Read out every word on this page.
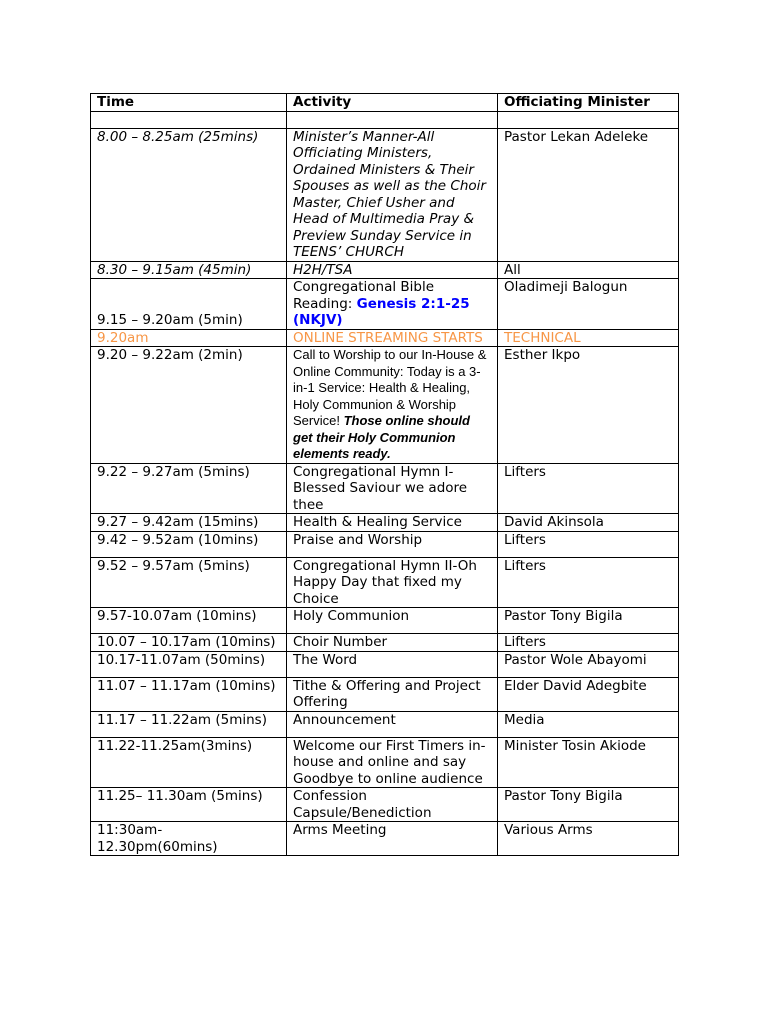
Time	Activity	Officiating Minister

8.00 – 8.25am (25mins)	Minister’s Manner-All Officiating Ministers, Ordained Ministers & Their Spouses as well as the Choir Master, Chief Usher and Head of Multimedia Pray & Preview Sunday Service in TEENS’ CHURCH	Pastor Lekan Adeleke
8.30 – 9.15am (45min)	H2H/TSA	All
9.15 – 9.20am (5min)	Congregational Bible Reading: Genesis 2:1-25 (NKJV)	Oladimeji Balogun
9.20am	ONLINE STREAMING STARTS	TECHNICAL
9.20 – 9.22am (2min)	Call to Worship to our In-House & Online Community: Today is a 3-in-1 Service: Health & Healing, Holy Communion & Worship Service! Those online should get their Holy Communion elements ready.	Esther Ikpo
9.22 – 9.27am (5mins)	Congregational Hymn I- Blessed Saviour we adore thee	Lifters
9.27 – 9.42am (15mins)	Health & Healing Service	David Akinsola
9.42 – 9.52am (10mins)	Praise and Worship	Lifters
9.52 – 9.57am (5mins)	Congregational Hymn II-Oh Happy Day that fixed my Choice	Lifters
9.57-10.07am (10mins)	Holy Communion	Pastor Tony Bigila
10.07 – 10.17am (10mins)	Choir Number	Lifters
10.17-11.07am (50mins)	The Word	Pastor Wole Abayomi
11.07 – 11.17am (10mins)	Tithe & Offering and Project Offering	Elder David Adegbite
11.17 – 11.22am (5mins)	Announcement	Media
11.22-11.25am(3mins)	Welcome our First Timers in-house and online and say Goodbye to online audience	Minister Tosin Akiode
11.25– 11.30am (5mins)	Confession Capsule/Benediction	Pastor Tony Bigila
11:30am- 12.30pm(60mins)	Arms Meeting	Various Arms
